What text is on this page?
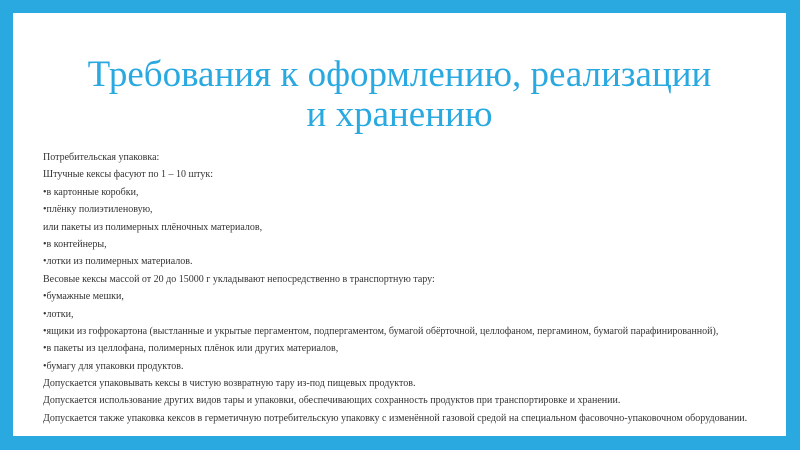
Требования к оформлению, реализации
и хранению
Потребительская упаковка:
Штучные кексы фасуют по 1 – 10 штук:
•в картонные коробки,
•плёнку полиэтиленовую,
или пакеты из полимерных плёночных материалов,
•в контейнеры,
•лотки из полимерных материалов.
Весовые кексы массой от 20 до 15000 г укладывают непосредственно в транспортную тару:
•бумажные мешки,
•лотки,
•ящики из гофрокартона (выстланные и укрытые пергаментом, подпергаментом, бумагой обёрточной, целлофаном, пергамином, бумагой парафинированной),
•в пакеты из целлофана, полимерных плёнок или других материалов,
•бумагу для упаковки продуктов.
Допускается упаковывать кексы в чистую возвратную тару из-под пищевых продуктов.
Допускается использование других видов тары и упаковки, обеспечивающих сохранность продуктов при транспортировке и хранении.
Допускается также упаковка кексов в герметичную потребительскую упаковку с изменённой газовой средой на специальном фасовочно-упаковочном оборудовании.
